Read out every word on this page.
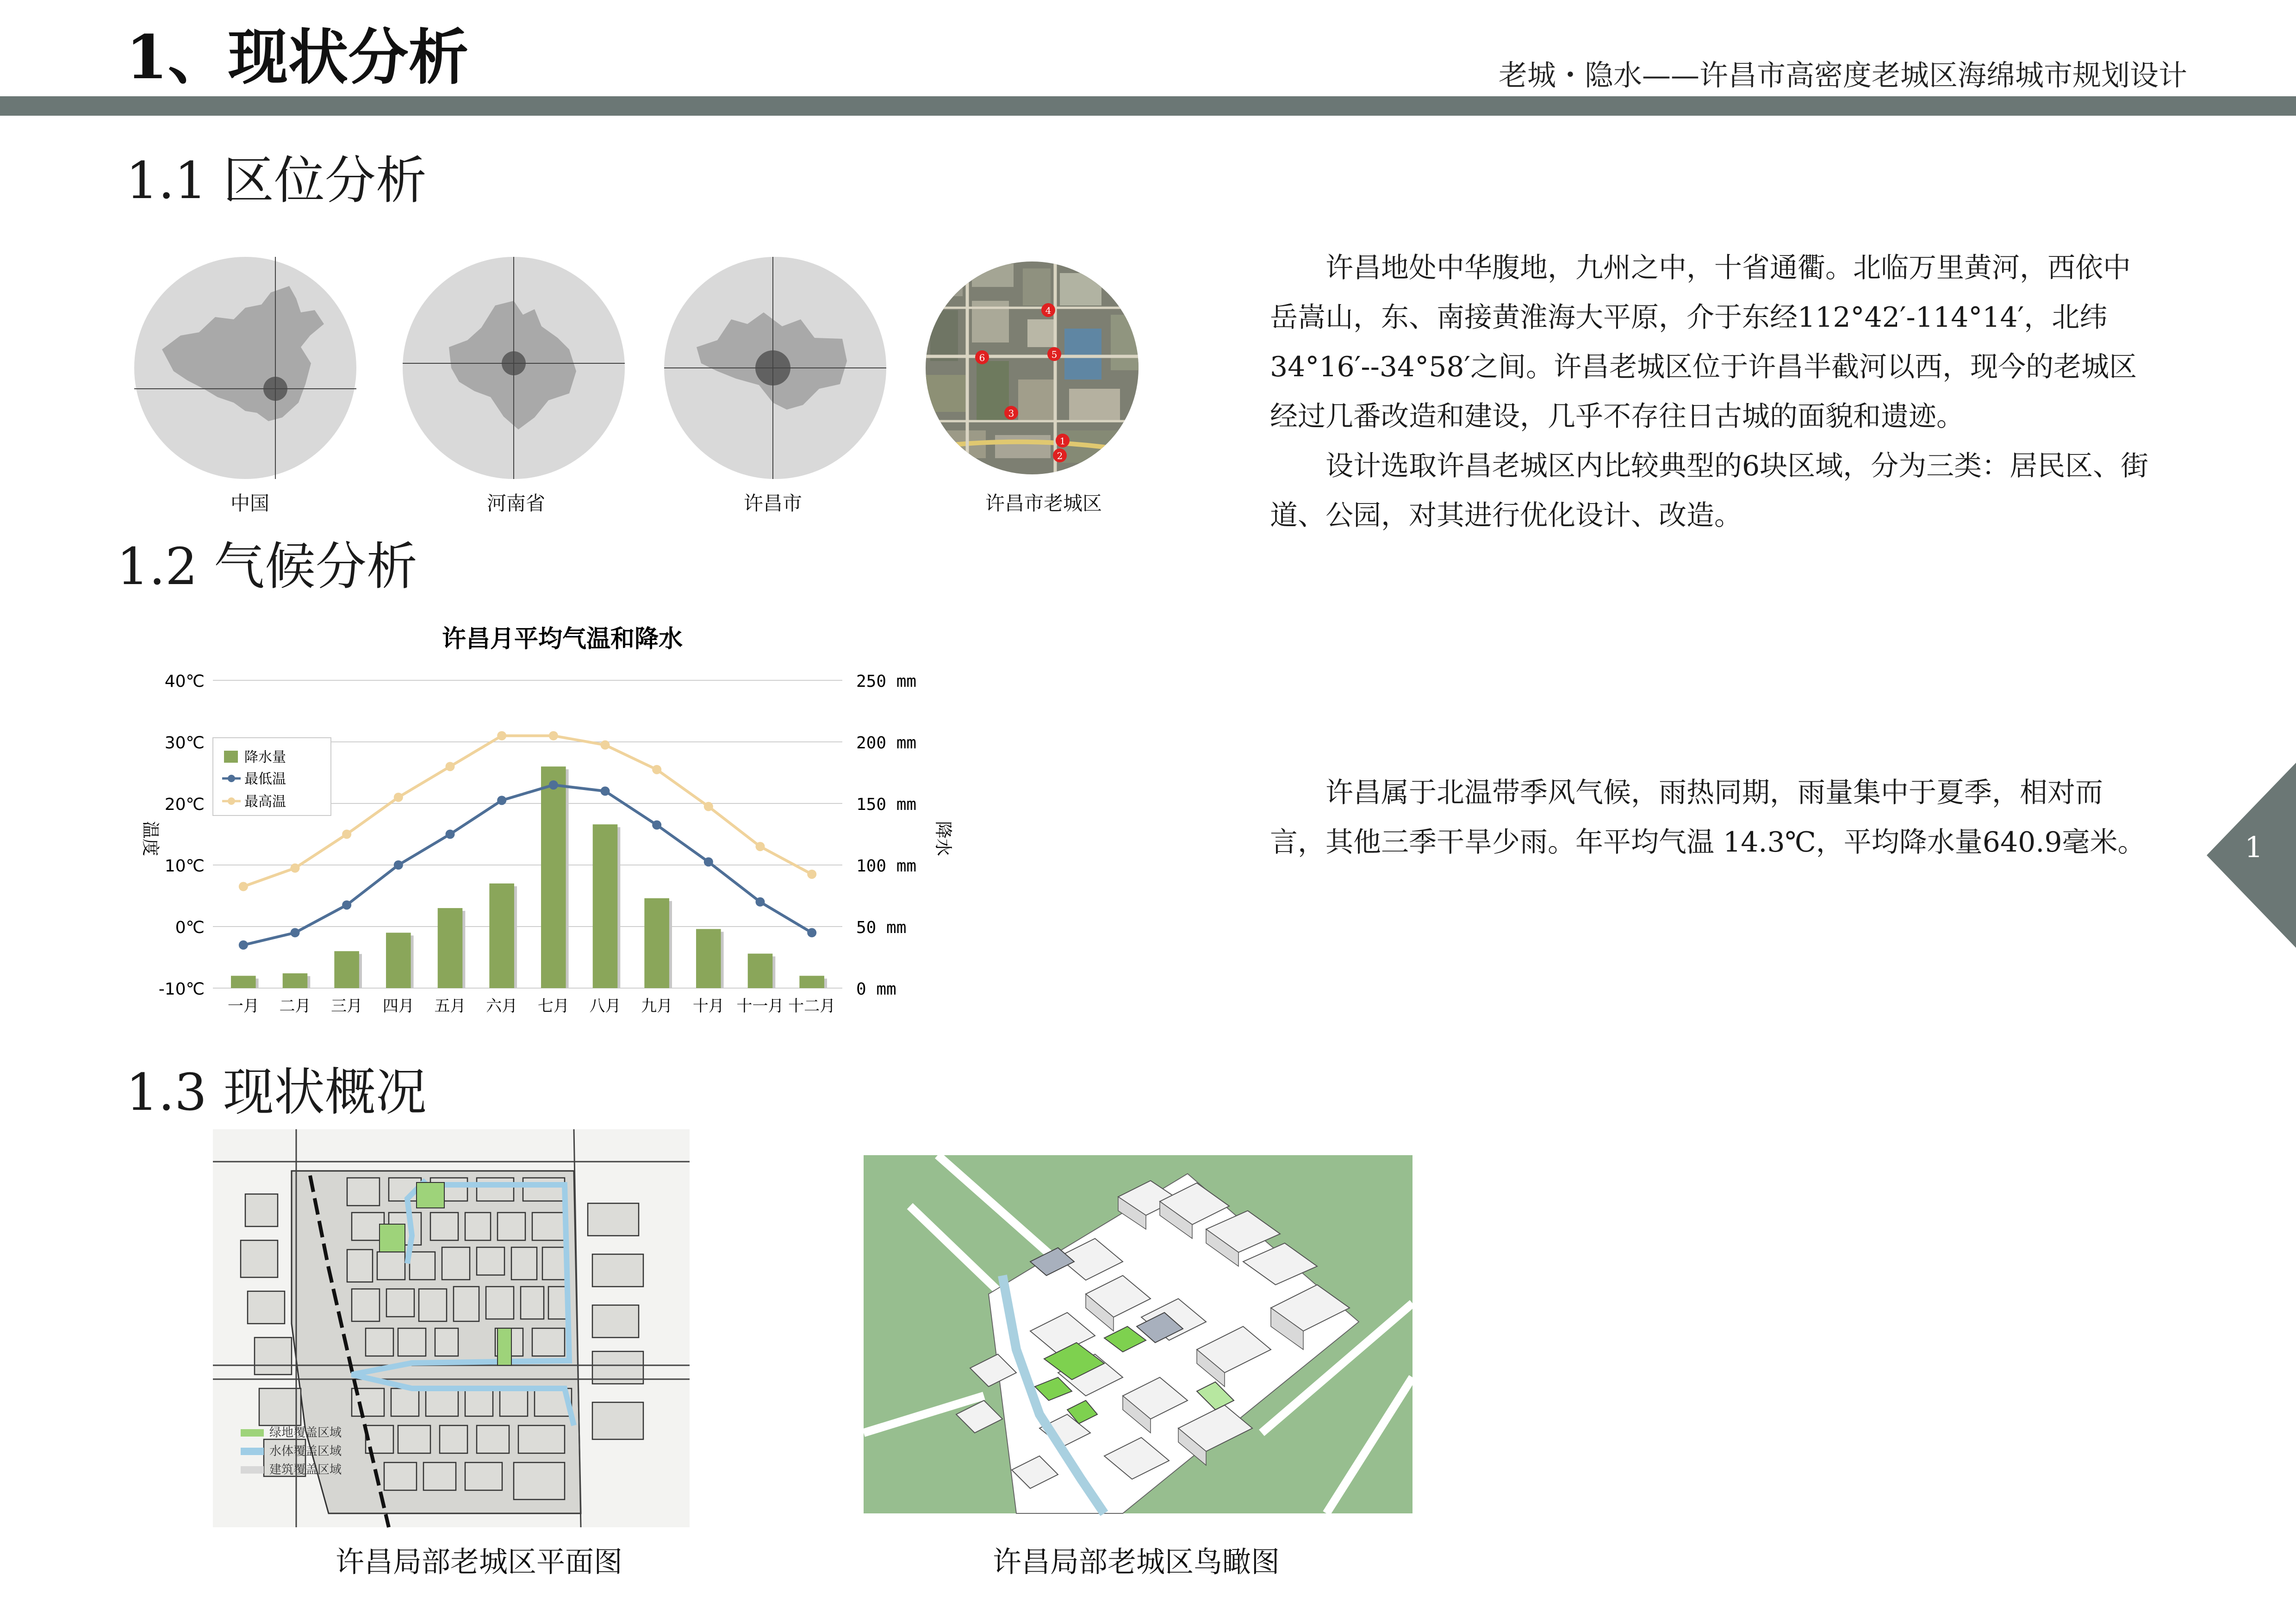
1、现状分析	老城・隐水——许昌市高密度老城区海绵城市规划设计
1.1 区位分析
4
6	5
3
1
2
中国	河南省	许昌市	许昌市老城区
许昌地处中华腹地，九州之中，十省通衢。北临万里黄河，西依中岳嵩山，东、南接黄淮海大平原，介于东经112°42′-114°14′，北纬34°16′--34°58′之间。许昌老城区位于许昌半截河以西，现今的老城区经过几番改造和建设，几乎不存往日古城的面貌和遗迹。
设计选取许昌老城区内比较典型的6块区域，分为三类：居民区、街道、公园，对其进行优化设计、改造。
1.2 气候分析
许昌月平均气温和降水
-10℃
0℃
10℃
20℃
30℃
40℃
0 mm
50 mm
100 mm
150 mm
200 mm
250 mm
温度	降水
一月 二月 三月 四月 五月 六月 七月 八月 九月 十月 十一月 十二月
降水量
最低温
最高温	许昌属于北温带季风气候，雨热同期，雨量集中于夏季，相对而言，其他三季干旱少雨。年平均气温 14.3℃，平均降水量640.9毫米。
1.3 现状概况
绿地覆盖区域
水体覆盖区域
建筑覆盖区域
许昌局部老城区平面图	许昌局部老城区鸟瞰图
1
